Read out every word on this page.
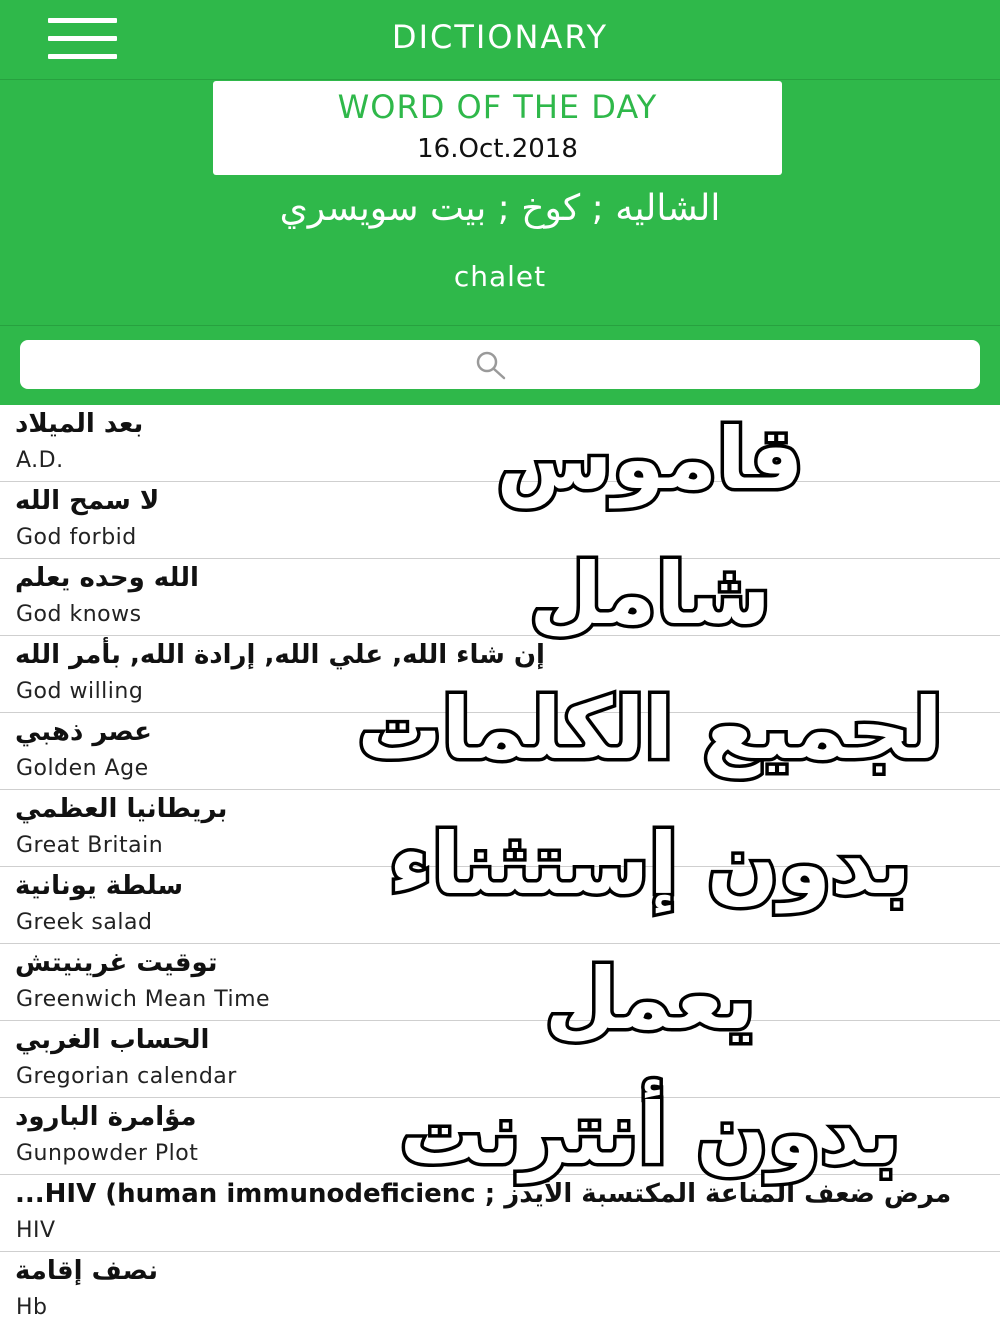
DICTIONARY
WORD OF THE DAY
16.Oct.2018
الشاليه ; كوخ ; بيت سويسري
chalet
بعد الميلاد
A.D.
لا سمح الله
God forbid
الله وحده يعلم
God knows
إن شاء الله, علي الله, إرادة الله, بأمر الله
God willing
عصر ذهبي
Golden Age
بريطانيا العظمي
Great Britain
سلطة يونانية
Greek salad
توقيت غرينيتش
Greenwich Mean Time
الحساب الغربي
Gregorian calendar
مؤامرة البارود
Gunpowder Plot
مرض ضعف المناعة المكتسبة الأيدز ; HIV (human immunodeficienc...
HIV
نصف إقامة
Hb
قاموس
شامل
لجميع الكلمات
بدون إستثناء
يعمل
بدون أنترنت
